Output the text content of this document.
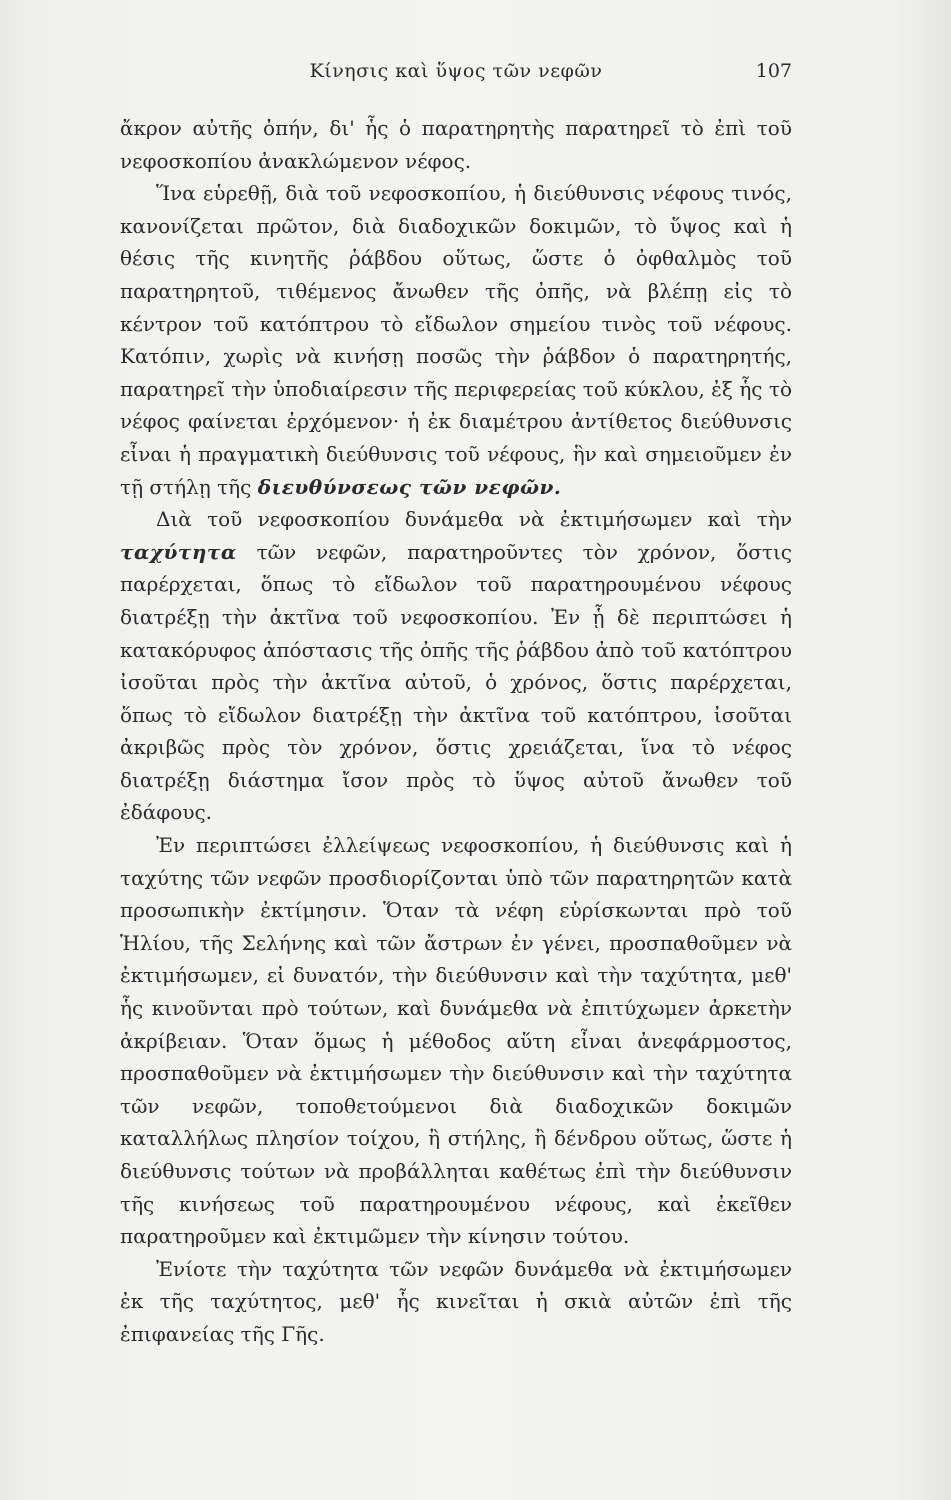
Κίνησις καὶ ὕψος τῶν νεφῶν	107

ἄκρον αὐτῆς ὀπήν, δι' ἧς ὁ παρατηρητὴς παρατηρεῖ τὸ ἐπὶ τοῦ νεφοσκοπίου ἀνακλώμενον νέφος.

Ἵνα εὑρεθῇ, διὰ τοῦ νεφοσκοπίου, ἡ διεύθυνσις νέφους τινός, κανονίζεται πρῶτον, διὰ διαδοχικῶν δοκιμῶν, τὸ ὕψος καὶ ἡ θέσις τῆς κινητῆς ῥάβδου οὕτως, ὥστε ὁ ὀφθαλμὸς τοῦ παρατηρητοῦ, τιθέμενος ἄνωθεν τῆς ὀπῆς, νὰ βλέπῃ εἰς τὸ κέντρον τοῦ κατόπτρου τὸ εἴδωλον σημείου τινὸς τοῦ νέφους. Κατόπιν, χωρὶς νὰ κινήσῃ ποσῶς τὴν ῥάβδον ὁ παρατηρητής, παρατηρεῖ τὴν ὑποδιαίρεσιν τῆς περιφερείας τοῦ κύκλου, ἐξ ἧς τὸ νέφος φαίνεται ἐρχόμενον· ἡ ἐκ διαμέτρου ἀντίθετος διεύθυνσις εἶναι ἡ πραγματικὴ διεύθυνσις τοῦ νέφους, ἣν καὶ σημειοῦμεν ἐν τῇ στήλῃ τῆς διευθύνσεως τῶν νεφῶν.

Διὰ τοῦ νεφοσκοπίου δυνάμεθα νὰ ἐκτιμήσωμεν καὶ τὴν ταχύτητα τῶν νεφῶν, παρατηροῦντες τὸν χρόνον, ὅστις παρέρχεται, ὅπως τὸ εἴδωλον τοῦ παρατηρουμένου νέφους διατρέξῃ τὴν ἀκτῖνα τοῦ νεφοσκοπίου. Ἐν ᾗ δὲ περιπτώσει ἡ κατακόρυφος ἀπόστασις τῆς ὀπῆς τῆς ῥάβδου ἀπὸ τοῦ κατόπτρου ἰσοῦται πρὸς τὴν ἀκτῖνα αὐτοῦ, ὁ χρόνος, ὅστις παρέρχεται, ὅπως τὸ εἴδωλον διατρέξῃ τὴν ἀκτῖνα τοῦ κατόπτρου, ἰσοῦται ἀκριβῶς πρὸς τὸν χρόνον, ὅστις χρειάζεται, ἵνα τὸ νέφος διατρέξῃ διάστημα ἴσον πρὸς τὸ ὕψος αὐτοῦ ἄνωθεν τοῦ ἐδάφους.

Ἐν περιπτώσει ἐλλείψεως νεφοσκοπίου, ἡ διεύθυνσις καὶ ἡ ταχύτης τῶν νεφῶν προσδιορίζονται ὑπὸ τῶν παρατηρητῶν κατὰ προσωπικὴν ἐκτίμησιν. Ὅταν τὰ νέφη εὑρίσκωνται πρὸ τοῦ Ἡλίου, τῆς Σελήνης καὶ τῶν ἄστρων ἐν γένει, προσπαθοῦμεν νὰ ἐκτιμήσωμεν, εἰ δυνατόν, τὴν διεύθυνσιν καὶ τὴν ταχύτητα, μεθ' ἧς κινοῦνται πρὸ τούτων, καὶ δυνάμεθα νὰ ἐπιτύχωμεν ἀρκετὴν ἀκρίβειαν. Ὅταν ὅμως ἡ μέθοδος αὕτη εἶναι ἀνεφάρμοστος, προσπαθοῦμεν νὰ ἐκτιμήσωμεν τὴν διεύθυνσιν καὶ τὴν ταχύτητα τῶν νεφῶν, τοποθετούμενοι διὰ διαδοχικῶν δοκιμῶν καταλλήλως πλησίον τοίχου, ἢ στήλης, ἢ δένδρου οὕτως, ὥστε ἡ διεύθυνσις τούτων νὰ προβάλληται καθέτως ἐπὶ τὴν διεύθυνσιν τῆς κινήσεως τοῦ παρατηρουμένου νέφους, καὶ ἐκεῖθεν παρατηροῦμεν καὶ ἐκτιμῶμεν τὴν κίνησιν τούτου.

Ἐνίοτε τὴν ταχύτητα τῶν νεφῶν δυνάμεθα νὰ ἐκτιμήσωμεν ἐκ τῆς ταχύτητος, μεθ' ἧς κινεῖται ἡ σκιὰ αὐτῶν ἐπὶ τῆς ἐπιφανείας τῆς Γῆς.
